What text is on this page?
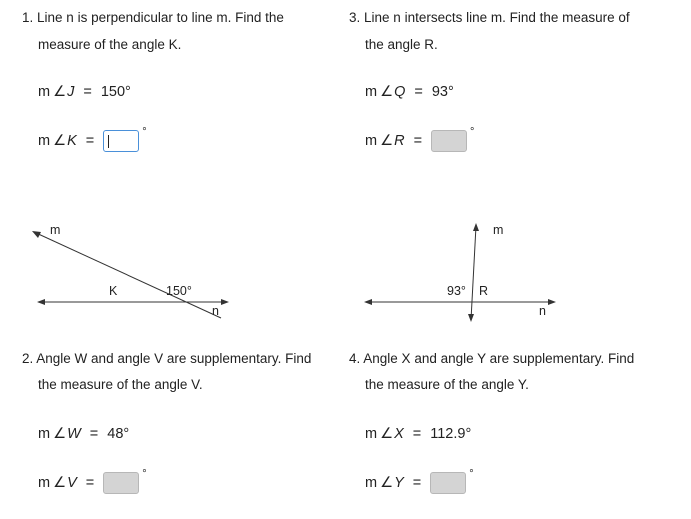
1. Line n is perpendicular to line m. Find the
measure of the angle K.
m ∠ J = 150°
m ∠ K =
°
m
n
K	150°
3. Line n intersects line m. Find the measure of
the angle R.
m ∠ Q = 93°
m ∠ R =
°
m
n
93° R
2. Angle W and angle V are supplementary. Find
the measure of the angle V.
m ∠ W = 48°
m ∠ V =
°
4. Angle X and angle Y are supplementary. Find
the measure of the angle Y.
m ∠ X = 112.9°
m ∠ Y =
°
